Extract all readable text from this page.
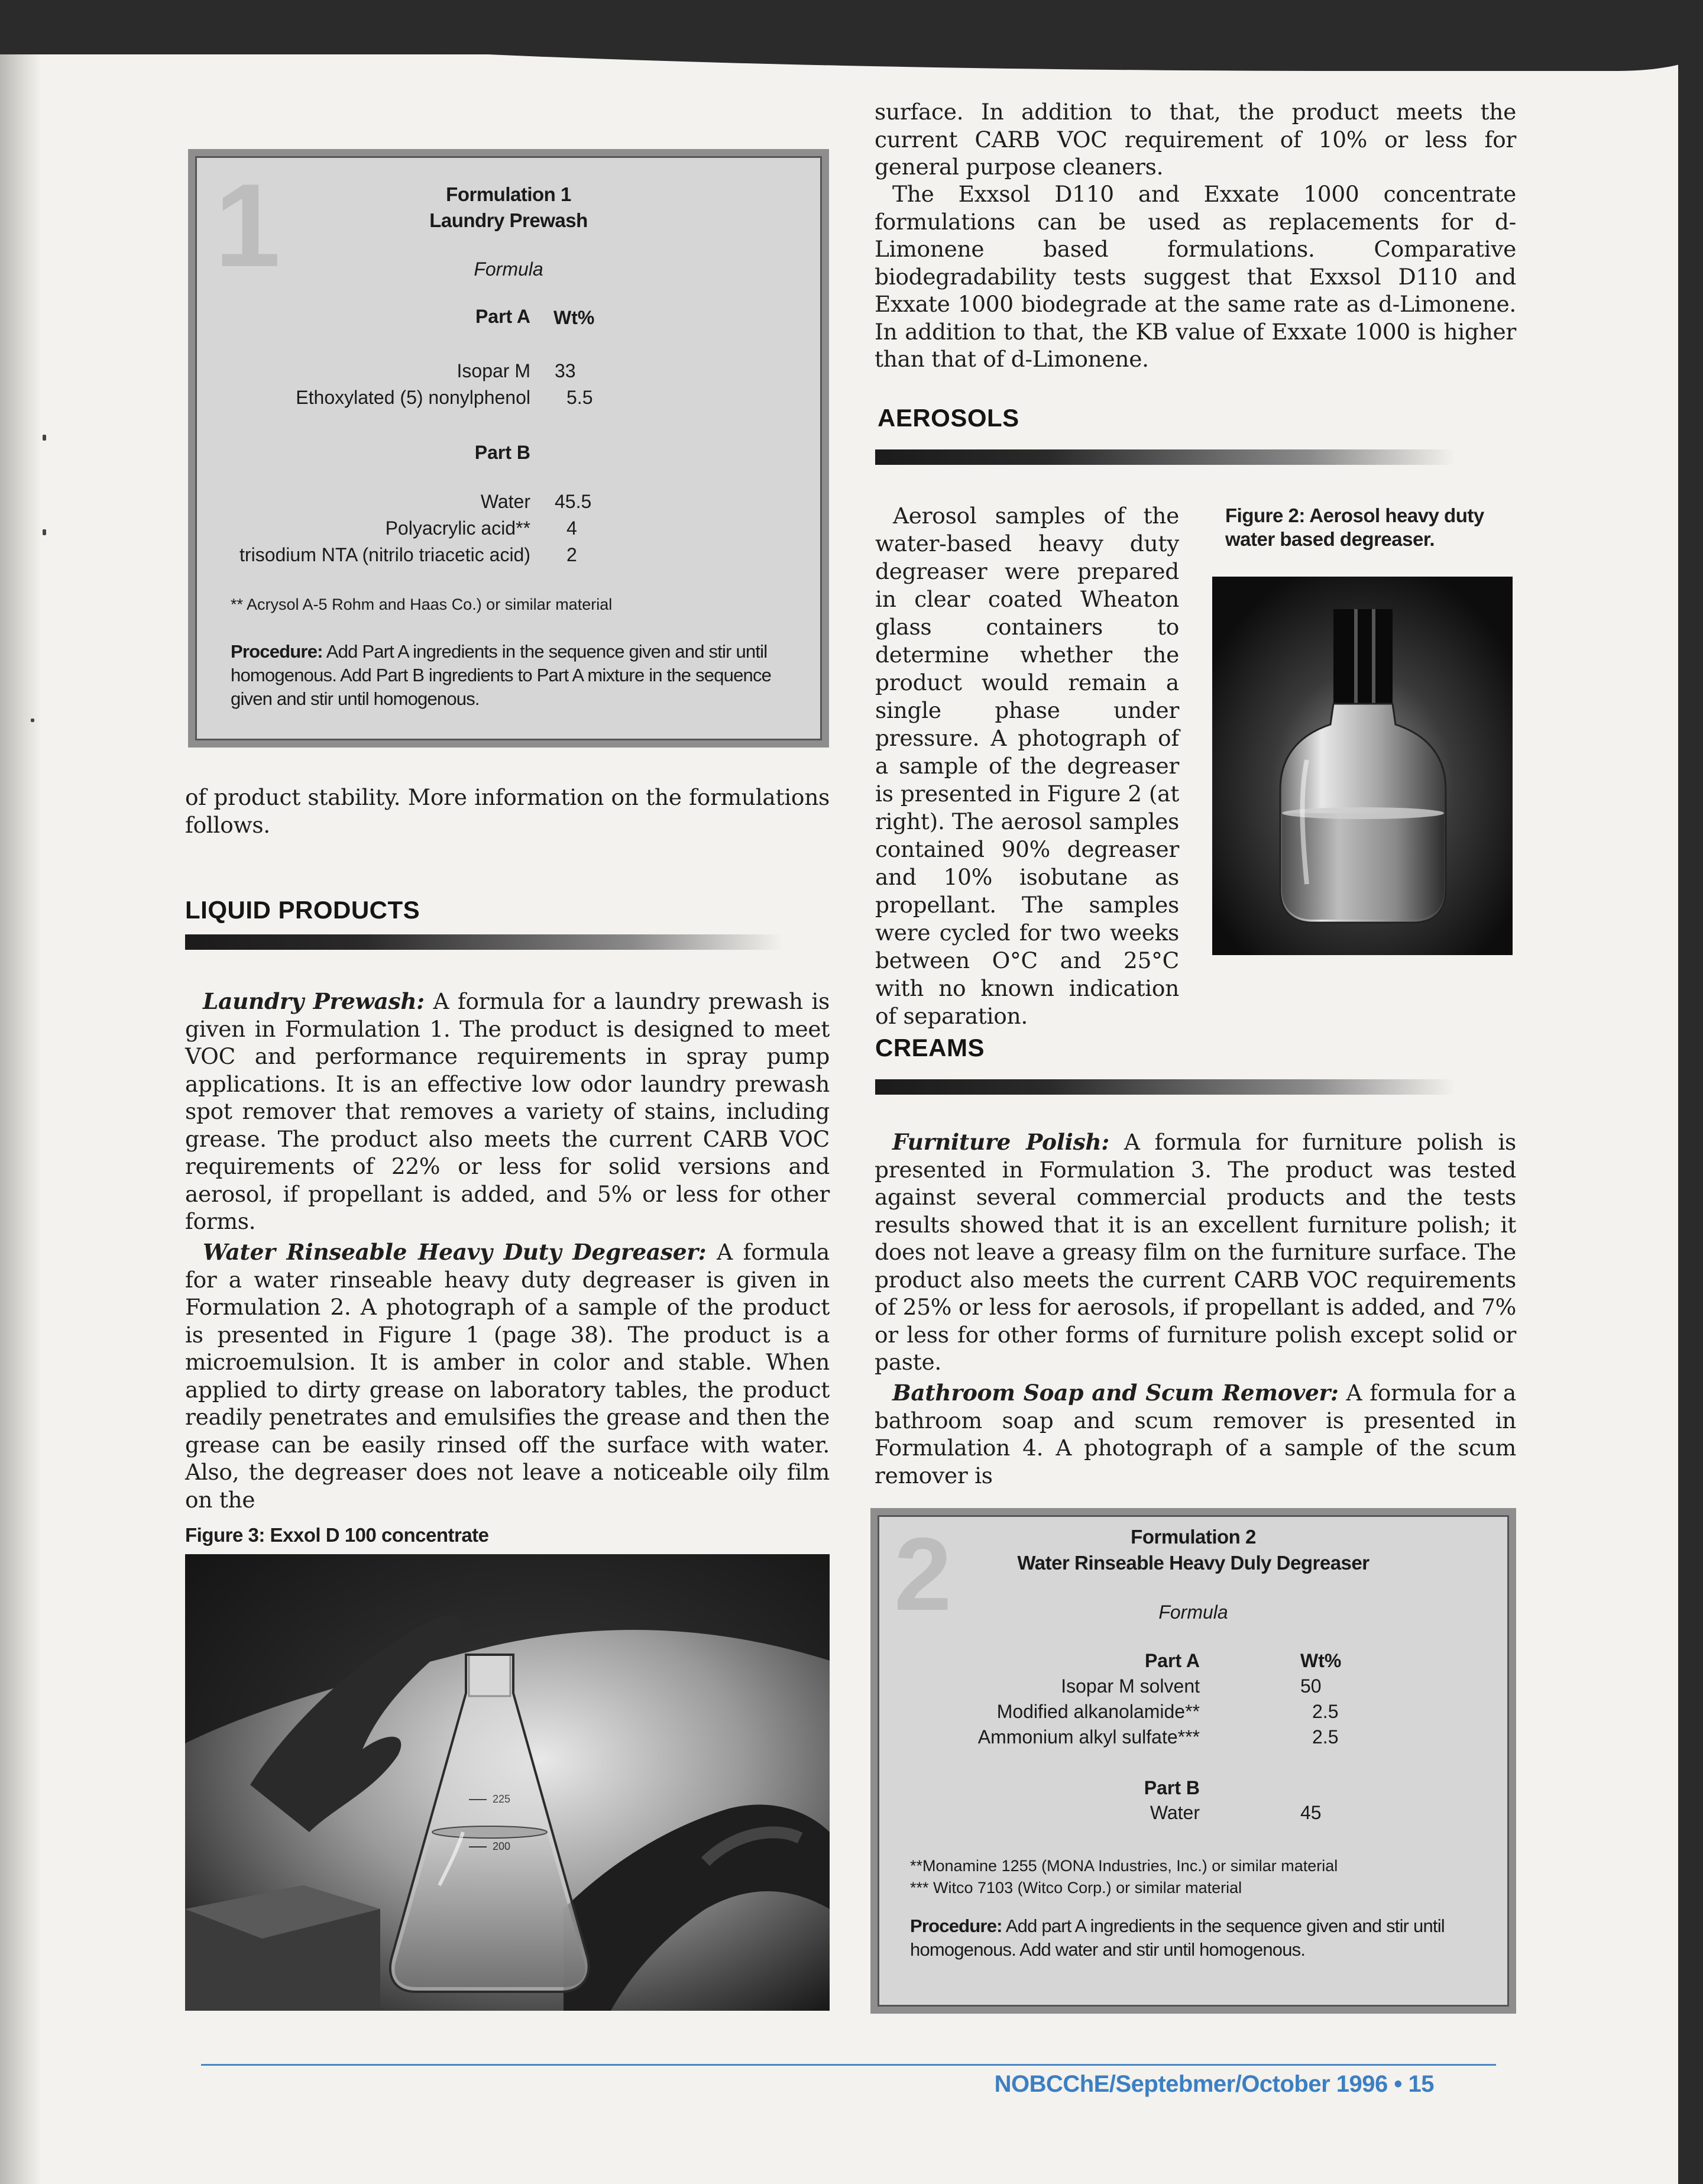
1	Formulation 1
Laundry Prewash
Formula
Part A Wt%
Isopar M 33
Ethoxylated (5) nonylphenol 5.5
Part B
Water 45.5
Polyacrylic acid** 4
trisodium NTA (nitrilo triacetic acid) 2
** Acrysol A-5 Rohm and Haas Co.) or similar material
Procedure: Add Part A ingredients in the sequence given and stir until homogenous. Add Part B ingredients to Part A mixture in the sequence given and stir until homogenous.
of product stability. More information on the formulations follows.
LIQUID PRODUCTS
Laundry Prewash: A formula for a laundry prewash is given in Formulation 1. The product is designed to meet VOC and performance requirements in spray pump applications. It is an effective low odor laundry prewash spot remover that removes a variety of stains, including grease. The product also meets the current CARB VOC requirements of 22% or less for solid versions and aerosol, if propellant is added, and 5% or less for other forms.
Water Rinseable Heavy Duty Degreaser: A formula for a water rinseable heavy duty degreaser is given in Formulation 2. A photograph of a sample of the product is presented in Figure 1 (page 38). The product is a microemulsion. It is amber in color and stable. When applied to dirty grease on laboratory tables, the product readily penetrates and emulsifies the grease and then the grease can be easily rinsed off the surface with water. Also, the degreaser does not leave a noticeable oily film on the
Figure 3: Exxol D 100 concentrate
225
200
surface. In addition to that, the product meets the current CARB VOC requirement of 10% or less for general purpose cleaners.
The Exxsol D110 and Exxate 1000 concentrate formulations can be used as replacements for d-Limonene based formulations. Comparative biodegradability tests suggest that Exxsol D110 and Exxate 1000 biodegrade at the same rate as d-Limonene. In addition to that, the KB value of Exxate 1000 is higher than that of d-Limonene.
AEROSOLS
Aerosol samples of the water-based heavy duty degreaser were prepared in clear coated Wheaton glass containers to determine whether the product would remain a single phase under pressure. A photograph of a sample of the degreaser is presented in Figure 2 (at right). The aerosol samples contained 90% degreaser and 10% isobutane as propellant. The samples were cycled for two weeks between O°C and 25°C with no known indication of separation.
Figure 2: Aerosol heavy duty water based degreaser.
CREAMS
Furniture Polish: A formula for furniture polish is presented in Formulation 3. The product was tested against several commercial products and the tests results showed that it is an excellent furniture polish; it does not leave a greasy film on the furniture surface. The product also meets the current CARB VOC requirements of 25% or less for aerosols, if propellant is added, and 7% or less for other forms of furniture polish except solid or paste.
Bathroom Soap and Scum Remover: A formula for a bathroom soap and scum remover is presented in Formulation 4. A photograph of a sample of the scum remover is
2	Formulation 2
Water Rinseable Heavy Duly Degreaser
Formula
Part A	Wt%
Isopar M solvent	50
Modified alkanolamide**	2.5
Ammonium alkyl sulfate***	2.5
Part B
Water	45
**Monamine 1255 (MONA Industries, Inc.) or similar material
*** Witco 7103 (Witco Corp.) or similar material
Procedure: Add part A ingredients in the sequence given and stir until homogenous. Add water and stir until homogenous.
NOBCChE/Septebmer/October 1996 • 15
